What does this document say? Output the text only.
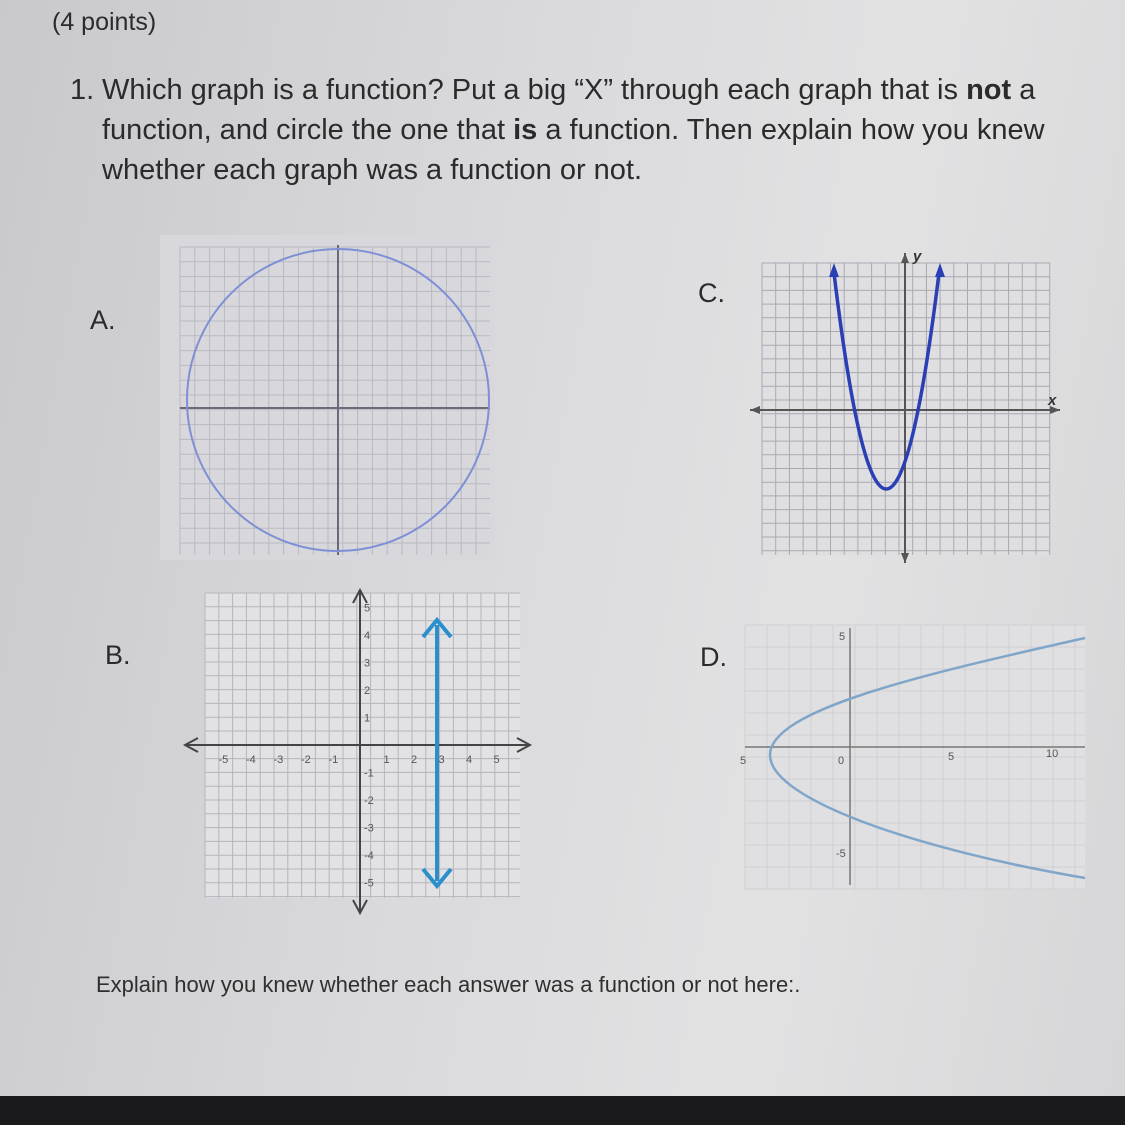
(4 points)
1. Which graph is a function? Put a big “X” through each graph that is not a function, and circle the one that is a function. Then explain how you knew whether each graph was a function or not.
A.
C.
y
x
B.
-5 -4 -3 -2 -1	1 2 3 4 5
5
4
3
2
1
-1
-2
-3
-4
-5
D.
5	0	5	10
5
-5
Explain how you knew whether each answer was a function or not here:.
